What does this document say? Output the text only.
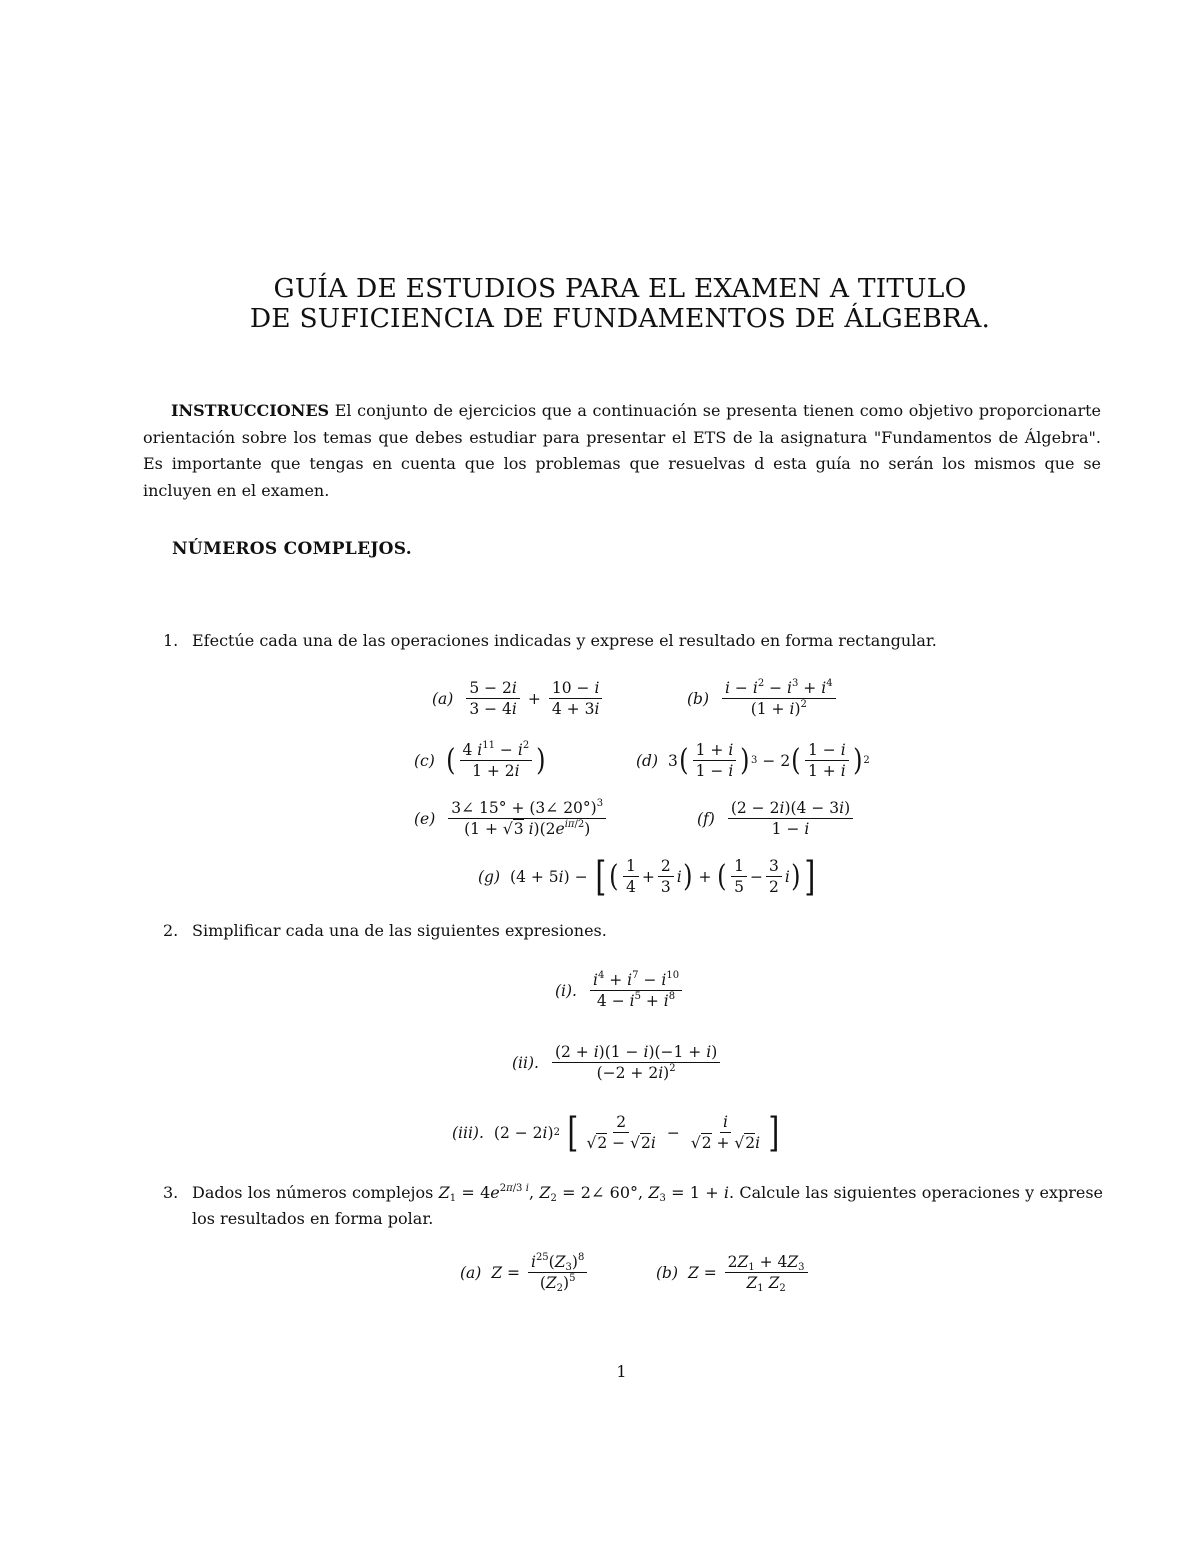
GUÍA DE ESTUDIOS PARA EL EXAMEN A TITULO
DE SUFICIENCIA DE FUNDAMENTOS DE ÁLGEBRA.
INSTRUCCIONES El conjunto de ejercicios que a continuación se presenta tienen como objetivo proporcionarte orientación sobre los temas que debes estudiar para presentar el ETS de la asignatura "Fundamentos de Álgebra". Es importante que tengas en cuenta que los problemas que resuelvas d esta guía no serán los mismos que se incluyen en el examen.
NÚMEROS COMPLEJOS.
1. Efectúe cada una de las operaciones indicadas y exprese el resultado en forma rectangular.
$(a) \frac{5 - 2i}{3 - 4i} + \frac{10 - i}{4 + 3i}$	$(b) \frac{i - i^2 - i^3 + i^4}{(1 + i)^2}$
(c) ( $\frac{4 i^{11} - i^2}{1 + 2i}$ )	(d) 3 ( $\frac{1 + i}{1 - i}$ ) 3 − 2 ( $\frac{1 - i}{1 + i}$ ) 2
$(e) \frac{3\angle 15^\circ + (3\angle 20^\circ)^3}{(1 + √3 i)(2e^{i\pi/2})}$	$(f) \frac{(2 - 2i)(4 - 3i)}{1 - i}$
(g) (4 + 5 i ) − [ ( $\frac{1}{4} + \frac{2}{3}$ i ) + ( $\frac{1}{5} - \frac{3}{2}$ i ) ]
2. Simplificar cada una de las siguientes expresiones.
(i). $\frac{i^4 + i^7 - i^{10}}{4 - i^5 + i^8}$
(ii). $\frac{(2 + i)(1 - i)(-1 + i)}{(-2 + 2i)^2}$
(iii). (2 − 2 i ) 2
[ $\frac{2}{√2 - √2i} - \frac{i}{√2 + √2i}$ ]
3. Dados los números complejos $Z_1 = 4e^{2\pi/3 i}$, $Z_2$ = 2∠ 60°, $Z_3 = 1 + i$. Calcule las siguientes operaciones y exprese los resultados en forma polar.
(a) $Z = \frac{i^{25}(Z_3)^8}{(Z_2)^5}$	(b) $Z = \frac{2Z_1 + 4Z_3}{Z_1 Z_2}$
1
